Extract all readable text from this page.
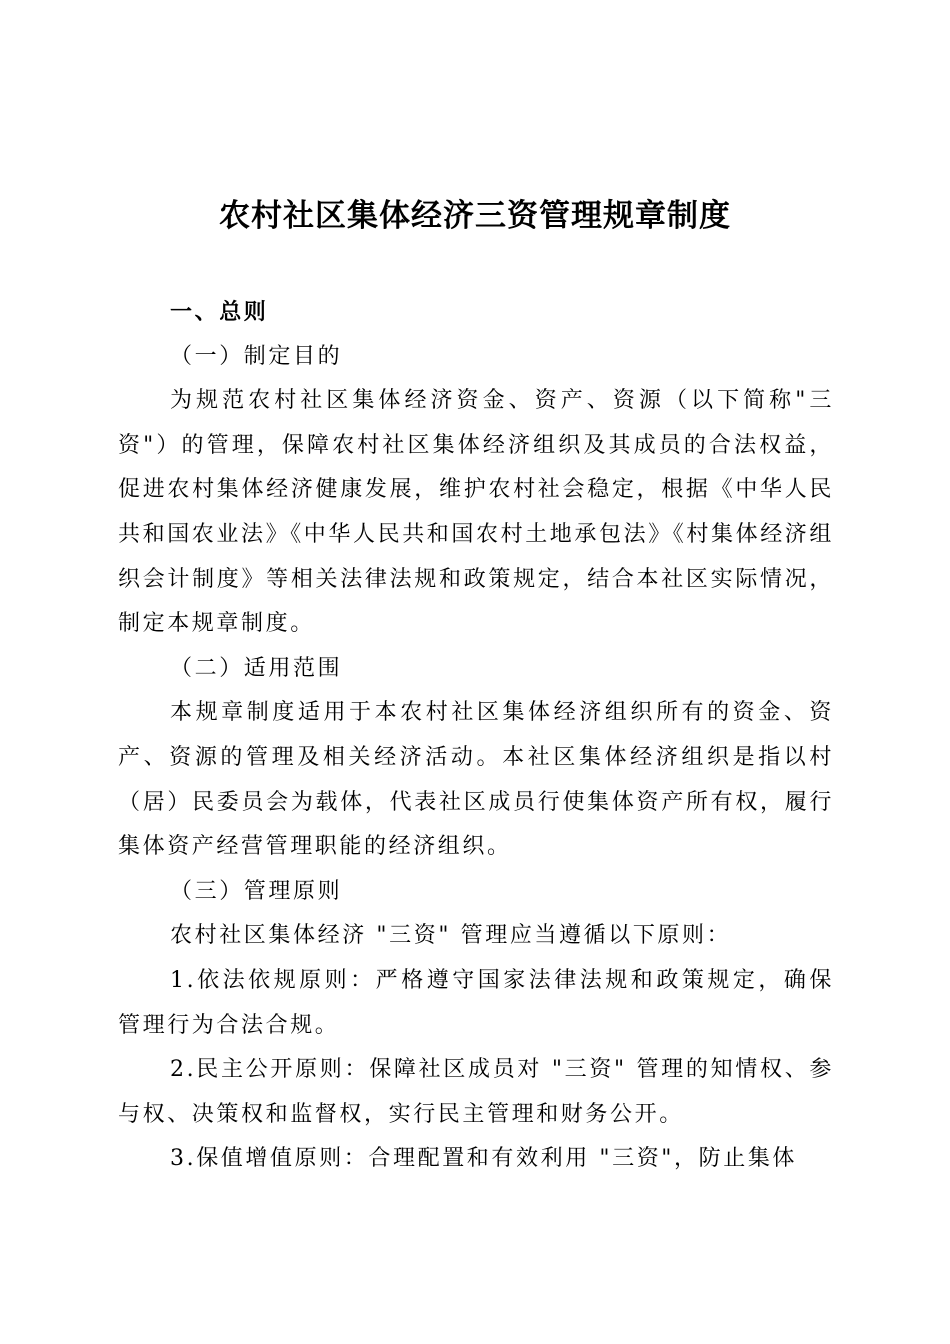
农村社区集体经济三资管理规章制度

一、总则

（一）制定目的

为规范农村社区集体经济资金、资产、资源（以下简称"三资"）的管理，保障农村社区集体经济组织及其成员的合法权益，促进农村集体经济健康发展，维护农村社会稳定，根据《中华人民共和国农业法》《中华人民共和国农村土地承包法》《村集体经济组织会计制度》等相关法律法规和政策规定，结合本社区实际情况，制定本规章制度。

（二）适用范围

本规章制度适用于本农村社区集体经济组织所有的资金、资产、资源的管理及相关经济活动。本社区集体经济组织是指以村（居）民委员会为载体，代表社区成员行使集体资产所有权，履行集体资产经营管理职能的经济组织。

（三）管理原则

农村社区集体经济 "三资" 管理应当遵循以下原则：

1.依法依规原则：严格遵守国家法律法规和政策规定，确保管理行为合法合规。

2.民主公开原则：保障社区成员对 "三资" 管理的知情权、参与权、决策权和监督权，实行民主管理和财务公开。

3.保值增值原则：合理配置和有效利用 "三资"，防止集体
